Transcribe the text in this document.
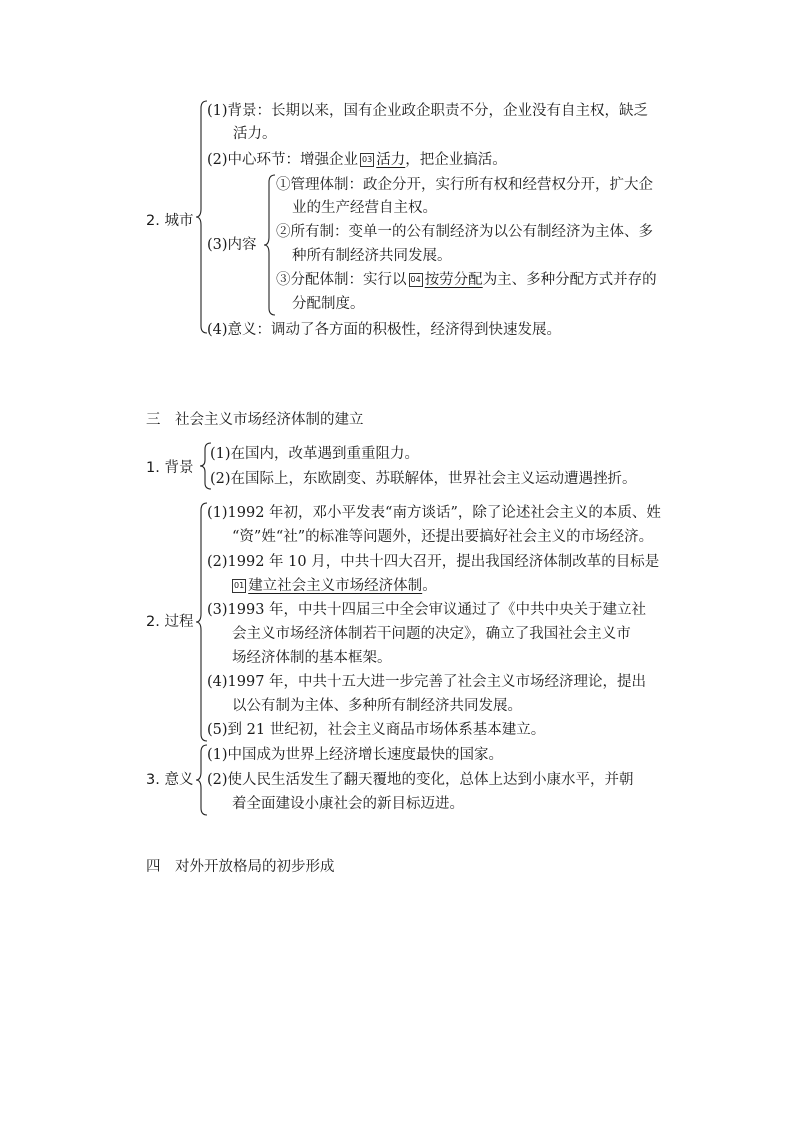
2. 城市
(1)背景：长期以来，国有企业政企职责不分，企业没有自主权，缺乏
活力。
(2)中心环节：增强企业 03 活力，把企业搞活。
(3)内容
①管理体制：政企分开，实行所有权和经营权分开，扩大企
业的生产经营自主权。
②所有制：变单一的公有制经济为以公有制经济为主体、多
种所有制经济共同发展。
③分配体制：实行以 04 按劳分配为主、多种分配方式并存的
分配制度。
(4)意义：调动了各方面的积极性，经济得到快速发展。
三　社会主义市场经济体制的建立
1. 背景
(1)在国内，改革遇到重重阻力。
(2)在国际上，东欧剧变、苏联解体，世界社会主义运动遭遇挫折。
2. 过程
(1)1992 年初，邓小平发表“南方谈话”，除了论述社会主义的本质、姓
“资”姓“社”的标准等问题外，还提出要搞好社会主义的市场经济。
(2)1992 年 10 月，中共十四大召开，提出我国经济体制改革的目标是
01 建立社会主义市场经济体制。
(3)1993 年，中共十四届三中全会审议通过了《中共中央关于建立社
会主义市场经济体制若干问题的决定》，确立了我国社会主义市
场经济体制的基本框架。
(4)1997 年，中共十五大进一步完善了社会主义市场经济理论，提出
以公有制为主体、多种所有制经济共同发展。
(5)到 21 世纪初，社会主义商品市场体系基本建立。
3. 意义
(1)中国成为世界上经济增长速度最快的国家。
(2)使人民生活发生了翻天覆地的变化，总体上达到小康水平，并朝
着全面建设小康社会的新目标迈进。
四　对外开放格局的初步形成
